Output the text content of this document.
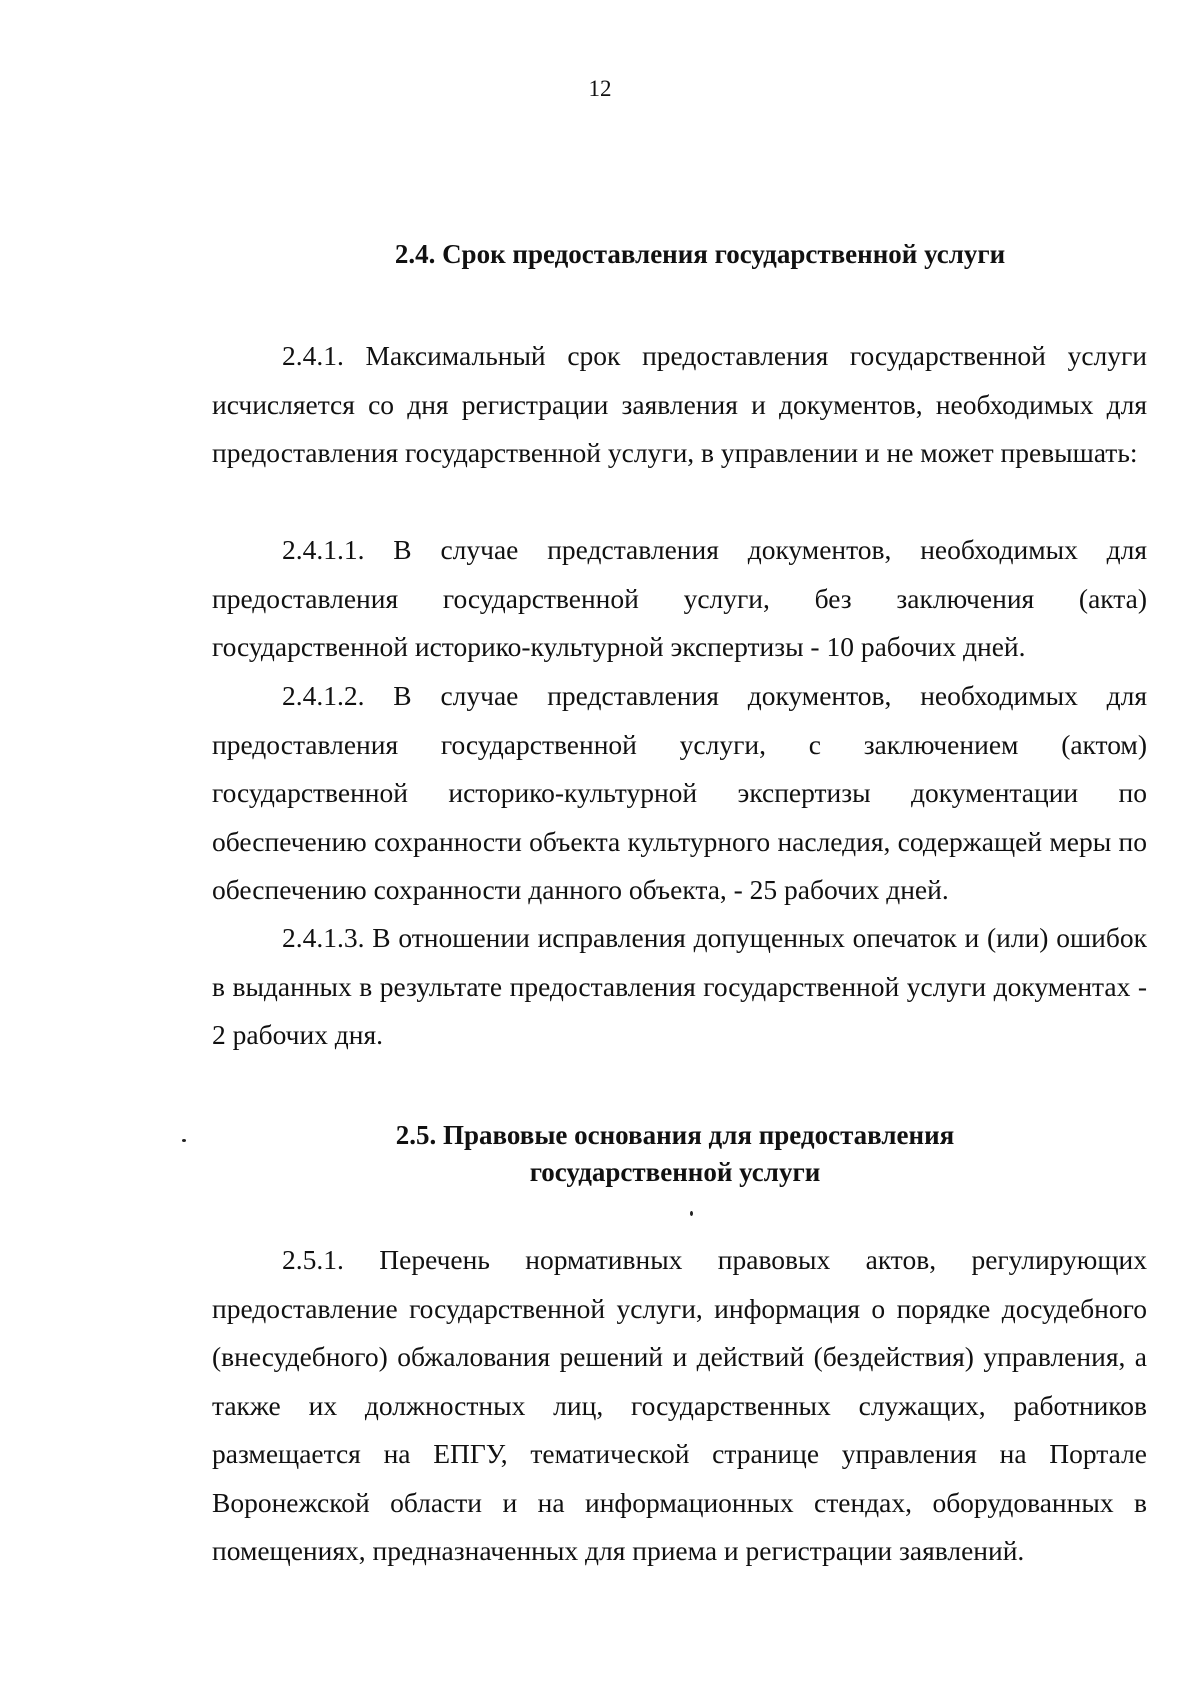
12
2.4. Срок предоставления государственной услуги

2.4.1. Максимальный срок предоставления государственной услуги исчисляется со дня регистрации заявления и документов, необходимых для предоставления государственной услуги, в управлении и не может превышать:

2.4.1.1. В случае представления документов, необходимых для предоставления государственной услуги, без заключения (акта) государственной историко-культурной экспертизы - 10 рабочих дней.

2.4.1.2. В случае представления документов, необходимых для предоставления государственной услуги, с заключением (актом) государственной историко-культурной экспертизы документации по обеспечению сохранности объекта культурного наследия, содержащей меры по обеспечению сохранности данного объекта, - 25 рабочих дней.

2.4.1.3. В отношении исправления допущенных опечаток и (или) ошибок в выданных в результате предоставления государственной услуги документах - 2 рабочих дня.

2.5. Правовые основания для предоставления
государственной услуги

2.5.1. Перечень нормативных правовых актов, регулирующих предоставление государственной услуги, информация о порядке досудебного (внесудебного) обжалования решений и действий (бездействия) управления, а также их должностных лиц, государственных служащих, работников размещается на ЕПГУ, тематической странице управления на Портале Воронежской области и на информационных стендах, оборудованных в помещениях, предназначенных для приема и регистрации заявлений.
